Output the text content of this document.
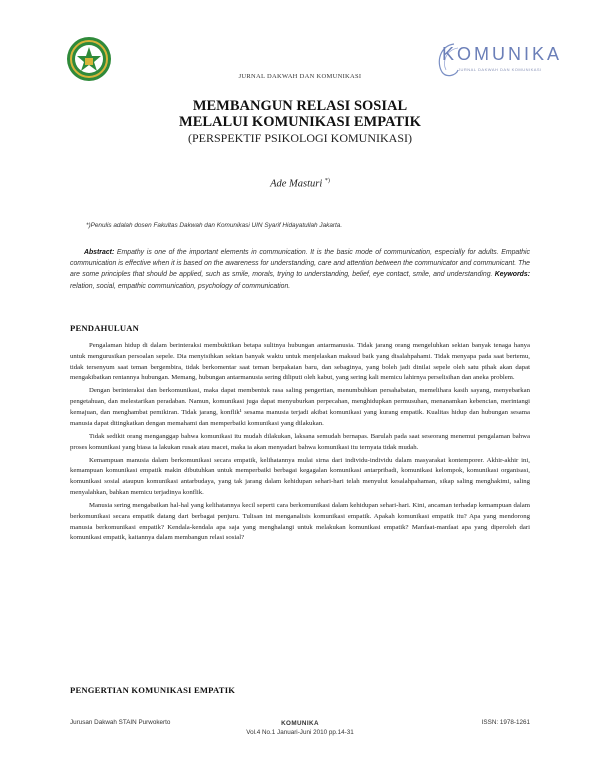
KOMUNIKA
JURNAL DAKWAH DAN KOMUNIKASI
JURNAL DAKWAH DAN KOMUNIKASI
MEMBANGUN RELASI SOSIAL
MELALUI KOMUNIKASI EMPATIK
(PERSPEKTIF PSIKOLOGI KOMUNIKASI)
Ade Masturi *)
*)Penulis adalah dosen Fakultas Dakwah dan Komunikasi UIN Syarif Hidayatullah Jakarta.
Abstract: Empathy is one of the important elements in communication. It is the basic mode of communication, especially for adults. Empathic communication is effective when it is based on the awareness for understanding, care and attention between the communicator and communicant. The are some principles that should be applied, such as smile, morals, trying to understanding, belief, eye contact, smile, and understanding. Keywords: relation, social, empathic communication, psychology of communication.
PENDAHULUAN

Pengalaman hidup di dalam berinteraksi membuktikan betapa sulitnya hubungan antarmanusia. Tidak jarang orang mengeluhkan sekian banyak tenaga hanya untuk mengurusikan persoalan sepele. Dia menyisihkan sekian banyak waktu untuk menjelaskan maksud baik yang disalahpahami. Tidak menyapa pada saat bertemu, tidak tersenyum saat teman bergembira, tidak berkomentar saat teman berpakaian baru, dan sebaginya, yang boleh jadi dinilai sepele oleh satu pihak akan dapat mengakibatkan rentannya hubungan. Memang, hubungan antarmanusia sering diliputi oleh kabut, yang sering kali memicu lahirnya perselisihan dan aneka problem.

Dengan berinteraksi dan berkomunikasi, maka dapat membentuk rasa saling pengertian, menumbuhkan persahabatan, memelihara kasih sayang, menyebarkan pengetahuan, dan melestarikan peradaban. Namun, komunikasi juga dapat menyuburkan perpecahan, menghidupkan permusuhan, menanamkan kebencian, merintangi kemajuan, dan menghambat pemikiran. Tidak jarang, konflik¹ sesama manusia terjadi akibat komunikasi yang kurang empatik. Kualitas hidup dan hubungan sesama manusia dapat ditingkatkan dengan memahami dan memperbaiki komunikasi yang dilakukan.

Tidak sedikit orang menganggap bahwa komunikasi itu mudah dilakukan, laksana semudah bernapas. Barulah pada saat seseorang menemui pengalaman bahwa proses komunikasi yang biasa ia lakukan rusak atau macet, maka ia akan menyadari bahwa komunikasi itu ternyata tidak mudah.

Kemampuan manusia dalam berkomunikasi secara empatik, kelihatannya mulai sirna dari individu-individu dalam masyarakat kontemporer. Akhir-akhir ini, kemampuan komunikasi empatik makin dibutuhkan untuk memperbaiki berbagai kegagalan komunikasi antarpribadi, komunikasi kelompok, komunikasi organisasi, komunikasi sosial ataupun komunikasi antarbudaya, yang tak jarang dalam kehidupan sehari-hari telah menyulut kesalahpahaman, sikap saling menghakimi, saling menyalahkan, bahkan memicu terjadinya konflik.

Manusia sering mengabaikan hal-hal yang kelihatannya kecil seperti cara berkomunikasi dalam kehidupan sehari-hari. Kini, ancaman terhadap kemampuan dalam berkomunikasi secara empatik datang dari berbagai penjuru. Tulisan ini menganalisis komunikasi empatik. Apakah komunikasi empatik itu? Apa yang mendorong manusia berkomunikasi empatik? Kendala-kendala apa saja yang menghalangi untuk melakukan komunikasi empatik? Manfaat-manfaat apa yang diperoleh dari komunikasi empatik, kaitannya dalam membangun relasi sosial?

PENGERTIAN KOMUNIKASI EMPATIK
Jurusan Dakwah STAIN Purwokerto	KOMUNIKA
Vol.4 No.1 Januari-Juni 2010 pp.14-31
ISSN: 1978-1261
